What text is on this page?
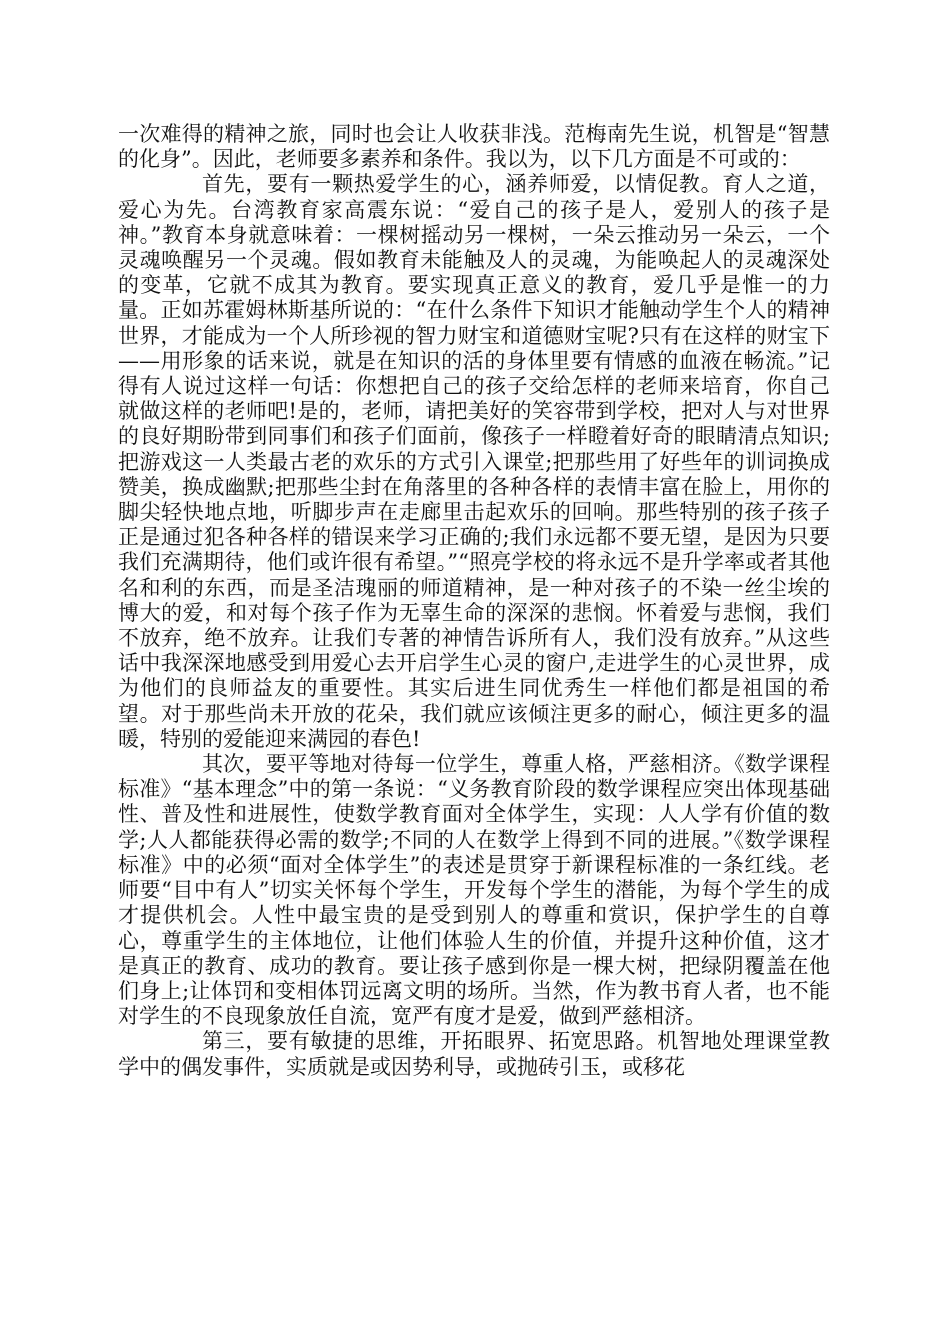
一次难得的精神之旅，同时也会让人收获非浅。范梅南先生说，机智是“智慧的化身”。因此，老师要多素养和条件。我以为，以下几方面是不可或的：

首先，要有一颗热爱学生的心，涵养师爱，以情促教。育人之道，爱心为先。台湾教育家高震东说：“爱自己的孩子是人，爱别人的孩子是神。”教育本身就意味着：一棵树摇动另一棵树，一朵云推动另一朵云，一个灵魂唤醒另一个灵魂。假如教育未能触及人的灵魂，为能唤起人的灵魂深处的变革，它就不成其为教育。要实现真正意义的教育，爱几乎是惟一的力量。正如苏霍姆林斯基所说的：“在什么条件下知识才能触动学生个人的精神世界，才能成为一个人所珍视的智力财宝和道德财宝呢?只有在这样的财宝下——用形象的话来说，就是在知识的活的身体里要有情感的血液在畅流。”记得有人说过这样一句话：你想把自己的孩子交给怎样的老师来培育，你自己就做这样的老师吧!是的，老师，请把美好的笑容带到学校，把对人与对世界的良好期盼带到同事们和孩子们面前，像孩子一样瞪着好奇的眼睛清点知识;把游戏这一人类最古老的欢乐的方式引入课堂;把那些用了好些年的训词换成赞美，换成幽默;把那些尘封在角落里的各种各样的表情丰富在脸上，用你的脚尖轻快地点地，听脚步声在走廊里击起欢乐的回响。那些特别的孩子孩子正是通过犯各种各样的错误来学习正确的;我们永远都不要无望，是因为只要我们充满期待，他们或许很有希望。”“照亮学校的将永远不是升学率或者其他名和利的东西，而是圣洁瑰丽的师道精神，是一种对孩子的不染一丝尘埃的博大的爱，和对每个孩子作为无辜生命的深深的悲悯。怀着爱与悲悯，我们不放弃，绝不放弃。让我们专著的神情告诉所有人，我们没有放弃。”从这些话中我深深地感受到用爱心去开启学生心灵的窗户,走进学生的心灵世界，成为他们的良师益友的重要性。其实后进生同优秀生一样他们都是祖国的希望。对于那些尚未开放的花朵，我们就应该倾注更多的耐心，倾注更多的温暖，特别的爱能迎来满园的春色!

其次，要平等地对待每一位学生，尊重人格，严慈相济。《数学课程标准》“基本理念”中的第一条说：“义务教育阶段的数学课程应突出体现基础性、普及性和进展性，使数学教育面对全体学生，实现：人人学有价值的数学;人人都能获得必需的数学;不同的人在数学上得到不同的进展。”《数学课程标准》中的必须“面对全体学生”的表述是贯穿于新课程标准的一条红线。老师要“目中有人”切实关怀每个学生，开发每个学生的潜能，为每个学生的成才提供机会。人性中最宝贵的是受到别人的尊重和赏识，保护学生的自尊心，尊重学生的主体地位，让他们体验人生的价值，并提升这种价值，这才是真正的教育、成功的教育。要让孩子感到你是一棵大树，把绿阴覆盖在他们身上;让体罚和变相体罚远离文明的场所。当然，作为教书育人者，也不能对学生的不良现象放任自流，宽严有度才是爱，做到严慈相济。

第三，要有敏捷的思维，开拓眼界、拓宽思路。机智地处理课堂教学中的偶发事件，实质就是或因势利导，或抛砖引玉，或移花
